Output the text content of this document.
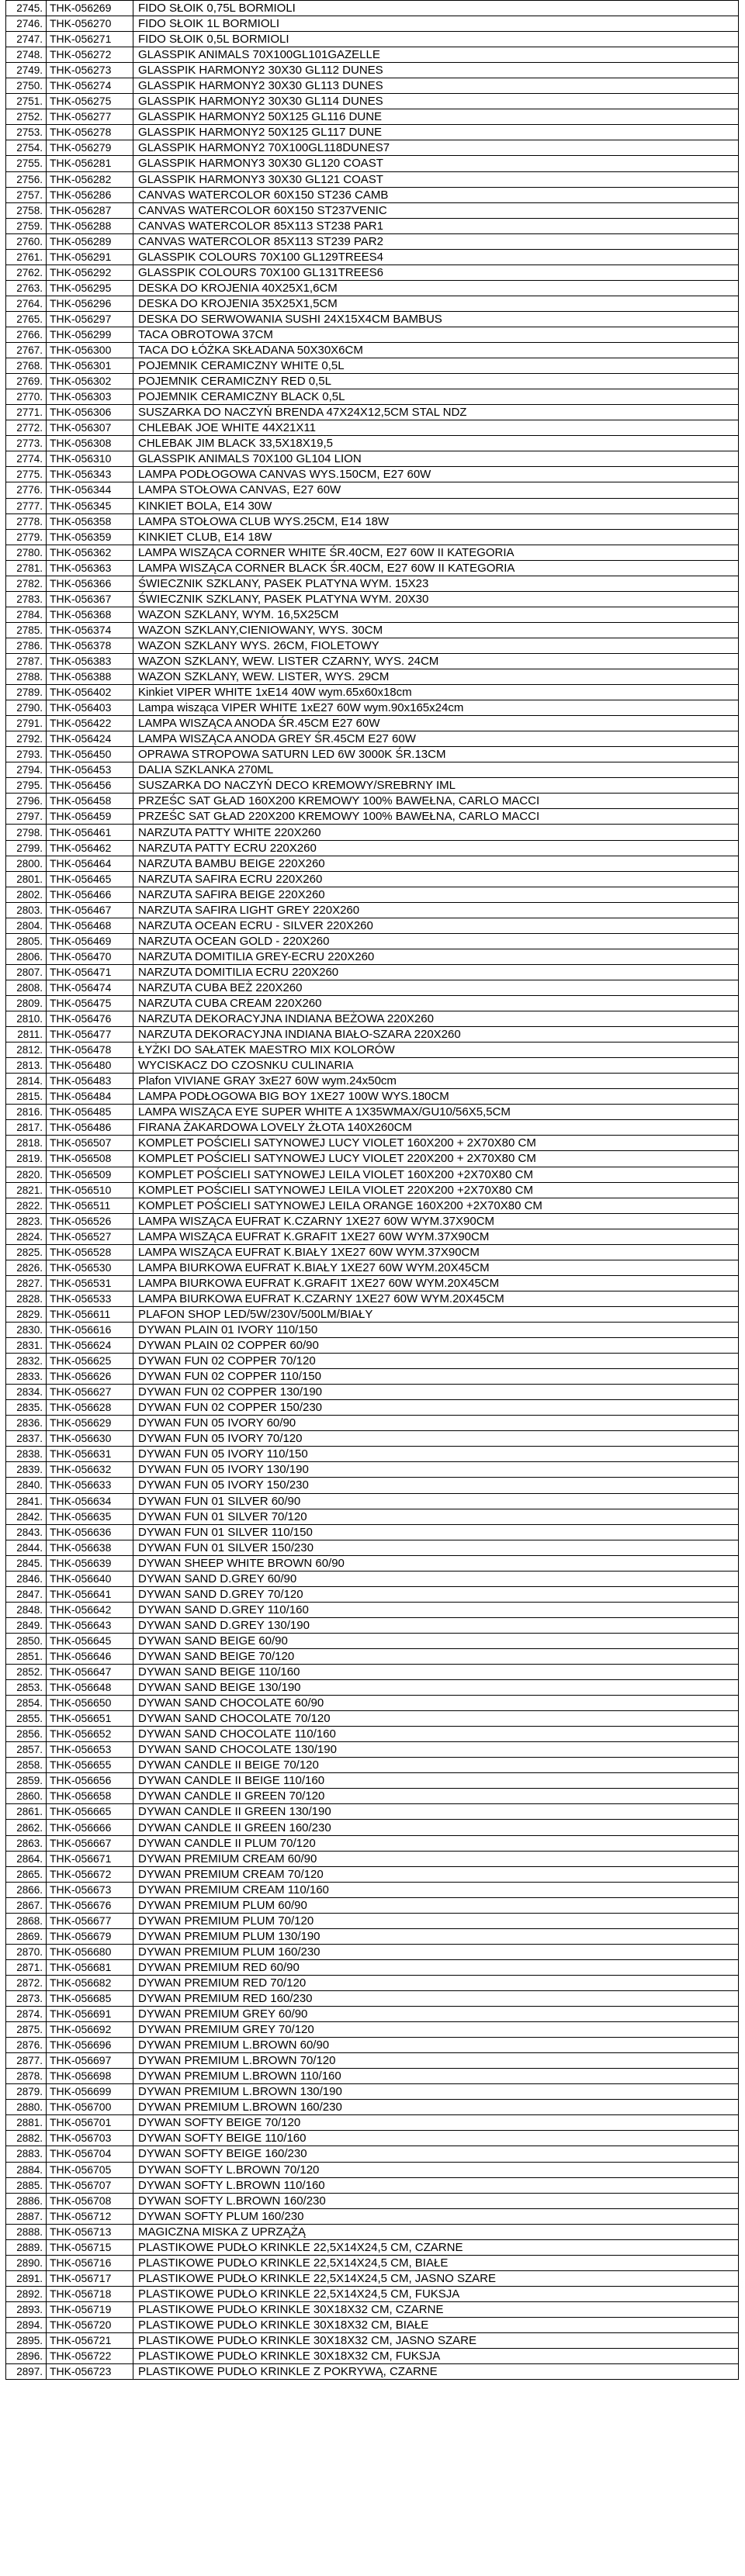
2745.	THK-056269	FIDO SŁOIK 0,75L BORMIOLI
2746.	THK-056270	FIDO SŁOIK 1L BORMIOLI
2747.	THK-056271	FIDO SŁOIK 0,5L BORMIOLI
2748.	THK-056272	GLASSPIK ANIMALS 70X100GL101GAZELLE
2749.	THK-056273	GLASSPIK HARMONY2 30X30 GL112 DUNES
2750.	THK-056274	GLASSPIK HARMONY2 30X30 GL113 DUNES
2751.	THK-056275	GLASSPIK HARMONY2 30X30 GL114 DUNES
2752.	THK-056277	GLASSPIK HARMONY2 50X125 GL116 DUNE
2753.	THK-056278	GLASSPIK HARMONY2 50X125 GL117 DUNE
2754.	THK-056279	GLASSPIK HARMONY2 70X100GL118DUNES7
2755.	THK-056281	GLASSPIK HARMONY3 30X30 GL120 COAST
2756.	THK-056282	GLASSPIK HARMONY3 30X30 GL121 COAST
2757.	THK-056286	CANVAS WATERCOLOR 60X150 ST236 CAMB
2758.	THK-056287	CANVAS WATERCOLOR 60X150 ST237VENIC
2759.	THK-056288	CANVAS WATERCOLOR 85X113 ST238 PAR1
2760.	THK-056289	CANVAS WATERCOLOR 85X113 ST239 PAR2
2761.	THK-056291	GLASSPIK COLOURS 70X100 GL129TREES4
2762.	THK-056292	GLASSPIK COLOURS 70X100 GL131TREES6
2763.	THK-056295	DESKA DO KROJENIA 40X25X1,6CM
2764.	THK-056296	DESKA DO KROJENIA 35X25X1,5CM
2765.	THK-056297	DESKA DO SERWOWANIA SUSHI 24X15X4CM BAMBUS
2766.	THK-056299	TACA OBROTOWA 37CM
2767.	THK-056300	TACA DO ŁÓŻKA SKŁADANA 50X30X6CM
2768.	THK-056301	POJEMNIK CERAMICZNY WHITE 0,5L
2769.	THK-056302	POJEMNIK CERAMICZNY RED 0,5L
2770.	THK-056303	POJEMNIK CERAMICZNY BLACK 0,5L
2771.	THK-056306	SUSZARKA DO NACZYŃ BRENDA 47X24X12,5CM STAL NDZ
2772.	THK-056307	CHLEBAK JOE WHITE 44X21X11
2773.	THK-056308	CHLEBAK JIM BLACK 33,5X18X19,5
2774.	THK-056310	GLASSPIK ANIMALS 70X100 GL104 LION
2775.	THK-056343	LAMPA PODŁOGOWA CANVAS WYS.150CM, E27 60W
2776.	THK-056344	LAMPA STOŁOWA CANVAS, E27 60W
2777.	THK-056345	KINKIET BOLA, E14 30W
2778.	THK-056358	LAMPA STOŁOWA CLUB WYS.25CM, E14 18W
2779.	THK-056359	KINKIET CLUB, E14 18W
2780.	THK-056362	LAMPA WISZĄCA CORNER WHITE ŚR.40CM, E27 60W II KATEGORIA
2781.	THK-056363	LAMPA WISZĄCA CORNER BLACK ŚR.40CM, E27 60W II KATEGORIA
2782.	THK-056366	ŚWIECZNIK SZKLANY, PASEK PLATYNA WYM. 15X23
2783.	THK-056367	ŚWIECZNIK SZKLANY, PASEK PLATYNA WYM. 20X30
2784.	THK-056368	WAZON SZKLANY, WYM. 16,5X25CM
2785.	THK-056374	WAZON SZKLANY,CIENIOWANY, WYS. 30CM
2786.	THK-056378	WAZON SZKLANY WYS. 26CM, FIOLETOWY
2787.	THK-056383	WAZON SZKLANY, WEW. LISTER CZARNY, WYS. 24CM
2788.	THK-056388	WAZON SZKLANY, WEW. LISTER, WYS. 29CM
2789.	THK-056402	Kinkiet VIPER WHITE 1xE14 40W wym.65x60x18cm
2790.	THK-056403	Lampa wisząca VIPER WHITE 1xE27 60W wym.90x165x24cm
2791.	THK-056422	LAMPA WISZĄCA ANODA ŚR.45CM E27 60W
2792.	THK-056424	LAMPA WISZĄCA ANODA GREY ŚR.45CM E27 60W
2793.	THK-056450	OPRAWA STROPOWA SATURN LED 6W 3000K ŚR.13CM
2794.	THK-056453	DALIA SZKLANKA 270ML
2795.	THK-056456	SUSZARKA DO NACZYŃ DECO KREMOWY/SREBRNY IML
2796.	THK-056458	PRZEŚC SAT GŁAD 160X200 KREMOWY 100% BAWEŁNA, CARLO MACCI
2797.	THK-056459	PRZEŚC SAT GŁAD 220X200 KREMOWY 100% BAWEŁNA, CARLO MACCI
2798.	THK-056461	NARZUTA PATTY WHITE 220X260
2799.	THK-056462	NARZUTA PATTY ECRU 220X260
2800.	THK-056464	NARZUTA BAMBU BEIGE 220X260
2801.	THK-056465	NARZUTA SAFIRA ECRU 220X260
2802.	THK-056466	NARZUTA SAFIRA BEIGE 220X260
2803.	THK-056467	NARZUTA SAFIRA LIGHT GREY 220X260
2804.	THK-056468	NARZUTA OCEAN ECRU - SILVER 220X260
2805.	THK-056469	NARZUTA OCEAN GOLD - 220X260
2806.	THK-056470	NARZUTA DOMITILIA GREY-ECRU 220X260
2807.	THK-056471	NARZUTA DOMITILIA ECRU 220X260
2808.	THK-056474	NARZUTA CUBA BEŻ 220X260
2809.	THK-056475	NARZUTA CUBA CREAM 220X260
2810.	THK-056476	NARZUTA DEKORACYJNA INDIANA BEŻOWA 220X260
2811.	THK-056477	NARZUTA DEKORACYJNA INDIANA BIAŁO-SZARA 220X260
2812.	THK-056478	ŁYŻKI DO SAŁATEK MAESTRO MIX KOLORÓW
2813.	THK-056480	WYCISKACZ DO CZOSNKU CULINARIA
2814.	THK-056483	Plafon VIVIANE GRAY 3xE27 60W wym.24x50cm
2815.	THK-056484	LAMPA PODŁOGOWA BIG BOY 1XE27 100W WYS.180CM
2816.	THK-056485	LAMPA WISZĄCA EYE SUPER WHITE A 1X35WMAX/GU10/56X5,5CM
2817.	THK-056486	FIRANA ŻAKARDOWA LOVELY ŻŁOTA 140X260CM
2818.	THK-056507	KOMPLET POŚCIELI SATYNOWEJ LUCY VIOLET 160X200 + 2X70X80 CM
2819.	THK-056508	KOMPLET POŚCIELI SATYNOWEJ LUCY VIOLET 220X200 + 2X70X80 CM
2820.	THK-056509	KOMPLET POŚCIELI SATYNOWEJ LEILA VIOLET 160X200 +2X70X80 CM
2821.	THK-056510	KOMPLET POŚCIELI SATYNOWEJ LEILA VIOLET 220X200 +2X70X80 CM
2822.	THK-056511	KOMPLET POŚCIELI SATYNOWEJ LEILA ORANGE 160X200 +2X70X80 CM
2823.	THK-056526	LAMPA WISZĄCA EUFRAT K.CZARNY 1XE27 60W WYM.37X90CM
2824.	THK-056527	LAMPA WISZĄCA EUFRAT K.GRAFIT 1XE27 60W WYM.37X90CM
2825.	THK-056528	LAMPA WISZĄCA EUFRAT K.BIAŁY 1XE27 60W WYM.37X90CM
2826.	THK-056530	LAMPA BIURKOWA EUFRAT K.BIAŁY 1XE27 60W WYM.20X45CM
2827.	THK-056531	LAMPA BIURKOWA EUFRAT K.GRAFIT 1XE27 60W WYM.20X45CM
2828.	THK-056533	LAMPA BIURKOWA EUFRAT K.CZARNY 1XE27 60W WYM.20X45CM
2829.	THK-056611	PLAFON SHOP LED/5W/230V/500LM/BIAŁY
2830.	THK-056616	DYWAN PLAIN 01 IVORY 110/150
2831.	THK-056624	DYWAN PLAIN 02 COPPER 60/90
2832.	THK-056625	DYWAN FUN 02 COPPER 70/120
2833.	THK-056626	DYWAN FUN 02 COPPER 110/150
2834.	THK-056627	DYWAN FUN 02 COPPER 130/190
2835.	THK-056628	DYWAN FUN 02 COPPER 150/230
2836.	THK-056629	DYWAN FUN 05 IVORY 60/90
2837.	THK-056630	DYWAN FUN 05 IVORY 70/120
2838.	THK-056631	DYWAN FUN 05 IVORY 110/150
2839.	THK-056632	DYWAN FUN 05 IVORY 130/190
2840.	THK-056633	DYWAN FUN 05 IVORY 150/230
2841.	THK-056634	DYWAN FUN 01 SILVER 60/90
2842.	THK-056635	DYWAN FUN 01 SILVER 70/120
2843.	THK-056636	DYWAN FUN 01 SILVER 110/150
2844.	THK-056638	DYWAN FUN 01 SILVER 150/230
2845.	THK-056639	DYWAN SHEEP WHITE BROWN 60/90
2846.	THK-056640	DYWAN SAND D.GREY 60/90
2847.	THK-056641	DYWAN SAND D.GREY 70/120
2848.	THK-056642	DYWAN SAND D.GREY 110/160
2849.	THK-056643	DYWAN SAND D.GREY 130/190
2850.	THK-056645	DYWAN SAND BEIGE 60/90
2851.	THK-056646	DYWAN SAND BEIGE 70/120
2852.	THK-056647	DYWAN SAND BEIGE 110/160
2853.	THK-056648	DYWAN SAND BEIGE 130/190
2854.	THK-056650	DYWAN SAND CHOCOLATE 60/90
2855.	THK-056651	DYWAN SAND CHOCOLATE 70/120
2856.	THK-056652	DYWAN SAND CHOCOLATE 110/160
2857.	THK-056653	DYWAN SAND CHOCOLATE 130/190
2858.	THK-056655	DYWAN CANDLE II BEIGE 70/120
2859.	THK-056656	DYWAN CANDLE II BEIGE 110/160
2860.	THK-056658	DYWAN CANDLE II GREEN 70/120
2861.	THK-056665	DYWAN CANDLE II GREEN 130/190
2862.	THK-056666	DYWAN CANDLE II GREEN 160/230
2863.	THK-056667	DYWAN CANDLE II PLUM 70/120
2864.	THK-056671	DYWAN PREMIUM CREAM 60/90
2865.	THK-056672	DYWAN PREMIUM CREAM 70/120
2866.	THK-056673	DYWAN PREMIUM CREAM 110/160
2867.	THK-056676	DYWAN PREMIUM PLUM 60/90
2868.	THK-056677	DYWAN PREMIUM PLUM 70/120
2869.	THK-056679	DYWAN PREMIUM PLUM 130/190
2870.	THK-056680	DYWAN PREMIUM PLUM 160/230
2871.	THK-056681	DYWAN PREMIUM RED 60/90
2872.	THK-056682	DYWAN PREMIUM RED 70/120
2873.	THK-056685	DYWAN PREMIUM RED 160/230
2874.	THK-056691	DYWAN PREMIUM GREY 60/90
2875.	THK-056692	DYWAN PREMIUM GREY 70/120
2876.	THK-056696	DYWAN PREMIUM L.BROWN 60/90
2877.	THK-056697	DYWAN PREMIUM L.BROWN 70/120
2878.	THK-056698	DYWAN PREMIUM L.BROWN 110/160
2879.	THK-056699	DYWAN PREMIUM L.BROWN 130/190
2880.	THK-056700	DYWAN PREMIUM L.BROWN 160/230
2881.	THK-056701	DYWAN SOFTY BEIGE 70/120
2882.	THK-056703	DYWAN SOFTY BEIGE 110/160
2883.	THK-056704	DYWAN SOFTY BEIGE 160/230
2884.	THK-056705	DYWAN SOFTY L.BROWN 70/120
2885.	THK-056707	DYWAN SOFTY L.BROWN 110/160
2886.	THK-056708	DYWAN SOFTY L.BROWN 160/230
2887.	THK-056712	DYWAN SOFTY PLUM 160/230
2888.	THK-056713	MAGICZNA MISKA Z UPRZĄŻĄ
2889.	THK-056715	PLASTIKOWE PUDŁO KRINKLE 22,5X14X24,5 CM, CZARNE
2890.	THK-056716	PLASTIKOWE PUDŁO KRINKLE 22,5X14X24,5 CM, BIAŁE
2891.	THK-056717	PLASTIKOWE PUDŁO KRINKLE 22,5X14X24,5 CM, JASNO SZARE
2892.	THK-056718	PLASTIKOWE PUDŁO KRINKLE 22,5X14X24,5 CM, FUKSJA
2893.	THK-056719	PLASTIKOWE PUDŁO KRINKLE 30X18X32 CM, CZARNE
2894.	THK-056720	PLASTIKOWE PUDŁO KRINKLE 30X18X32 CM, BIAŁE
2895.	THK-056721	PLASTIKOWE PUDŁO KRINKLE 30X18X32 CM, JASNO SZARE
2896.	THK-056722	PLASTIKOWE PUDŁO KRINKLE 30X18X32 CM, FUKSJA
2897.	THK-056723	PLASTIKOWE PUDŁO KRINKLE Z POKRYWĄ, CZARNE
